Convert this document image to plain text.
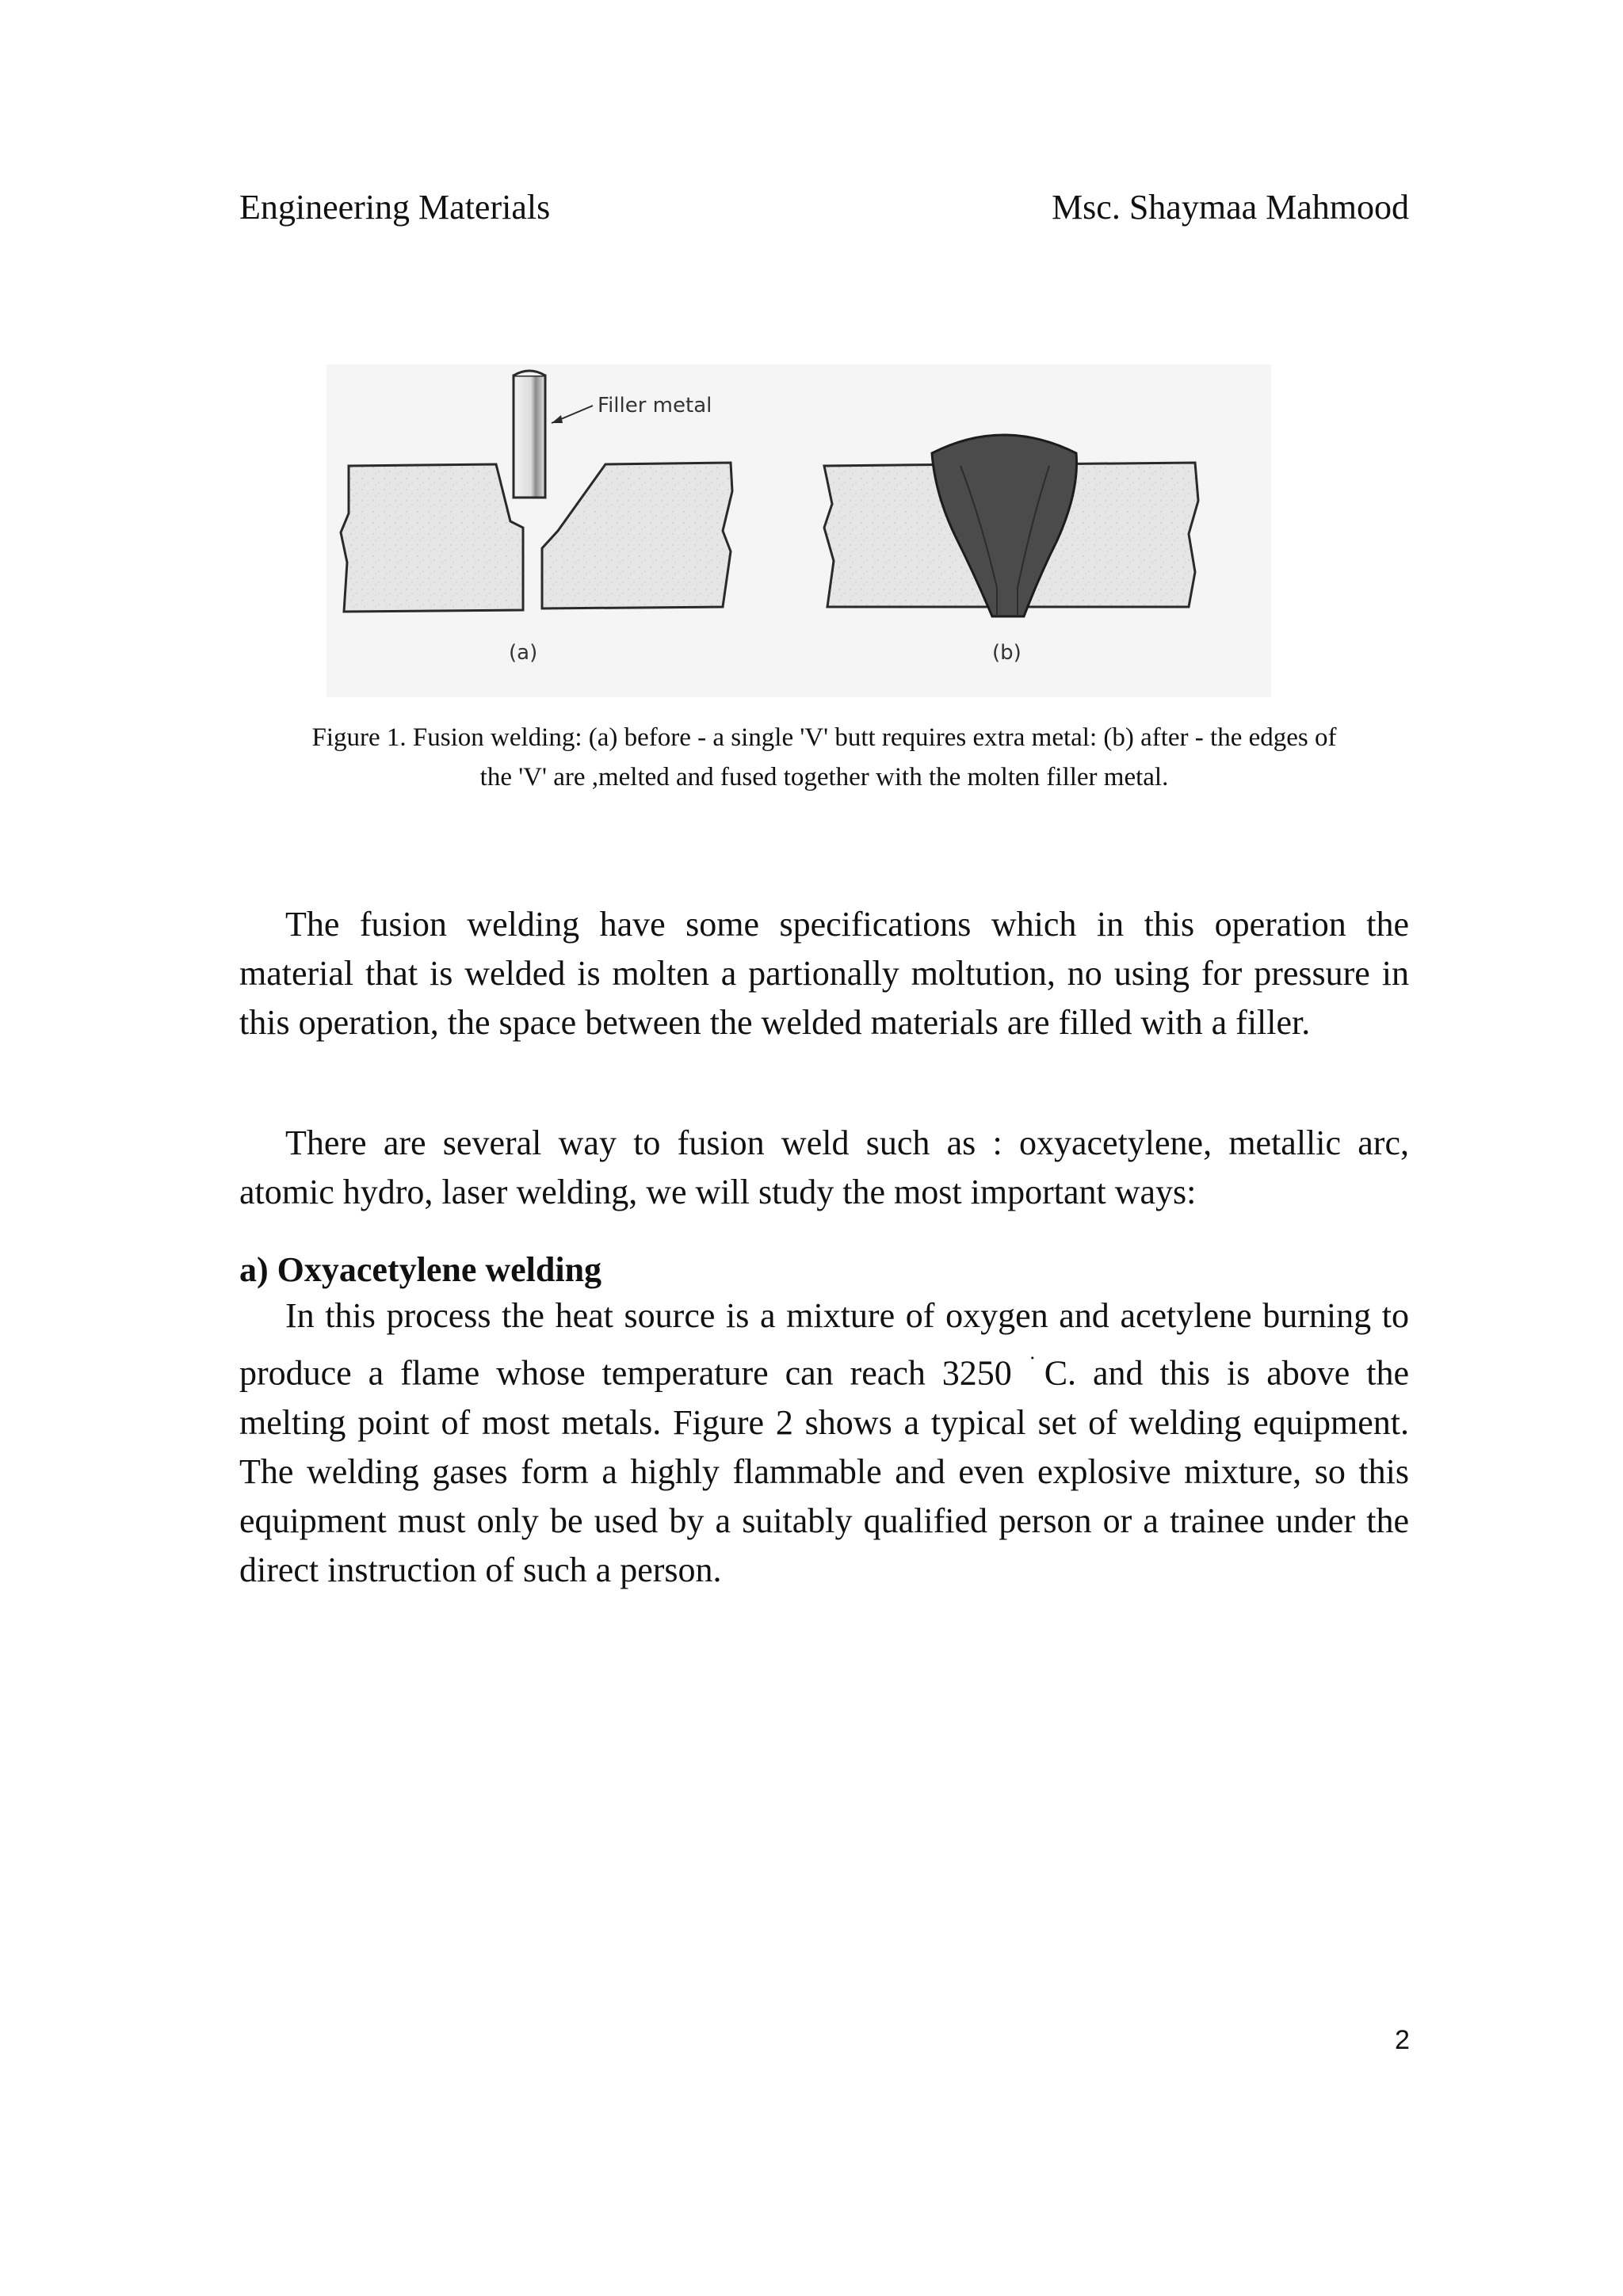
Engineering Materials	Msc. Shaymaa Mahmood
Filler metal
(a)	(b)
Figure 1. Fusion welding: (a) before - a single 'V' butt requires extra metal: (b) after - the edges of
the 'V' are ,melted and fused together with the molten filler metal.
The fusion welding have some specifications which in this operation the material that is welded is molten a partionally moltution, no using for pressure in this operation, the space between the welded materials are filled with a filler.
There are several way to fusion weld such as : oxyacetylene, metallic arc, atomic hydro, laser welding, we will study the most important ways:
a) Oxyacetylene welding
In this process the heat source is a mixture of oxygen and acetylene burning to produce a flame whose temperature can reach 3250 ˙C. and this is above the melting point of most metals. Figure 2 shows a typical set of welding equipment. The welding gases form a highly flammable and even explosive mixture, so this equipment must only be used by a suitably qualified person or a trainee under the direct instruction of such a person.
2
